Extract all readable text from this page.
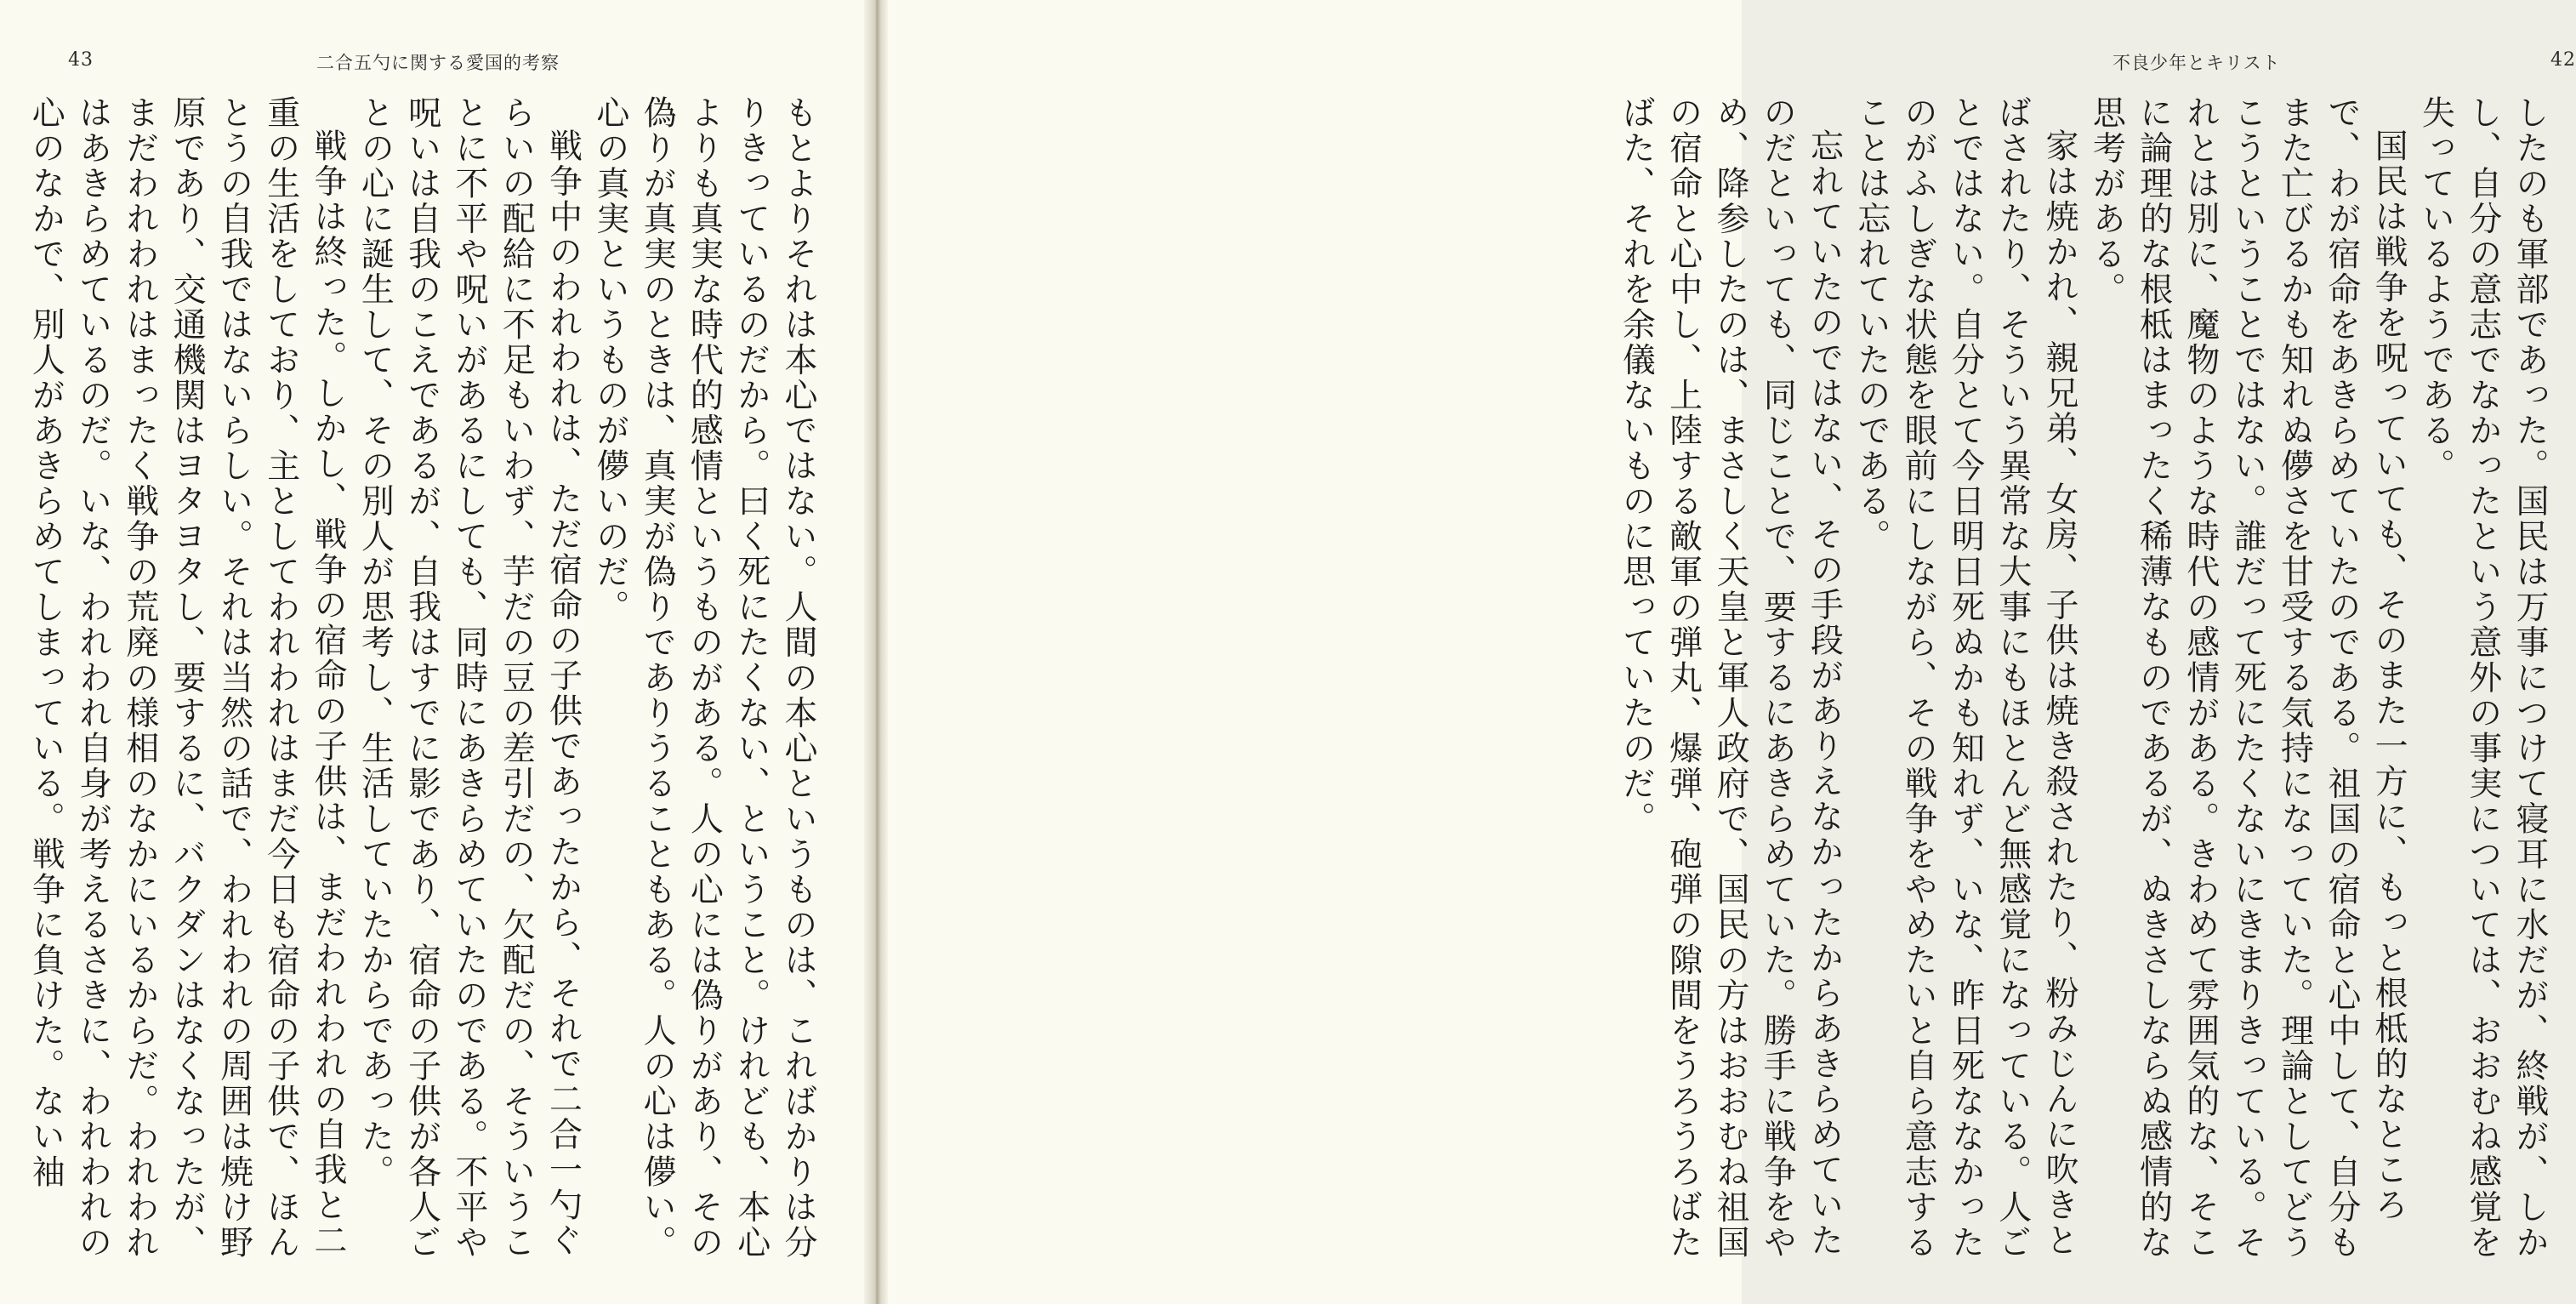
43	二合五勺に関する愛国的考察

もとよりそれは本心ではない。人間の本心というものは、こればかりは分りきっているのだから。曰く死にたくない、ということ。けれども、本心よりも真実な時代的感情というものがある。人の心には偽りがあり、その偽りが真実のときは、真実が偽りでありうることもある。人の心は儚い。心の真実というものが儚いのだ。

戦争中のわれわれは、ただ宿命の子供であったから、それで二合一勺ぐらいの配給に不足もいわず、芋だの豆の差引だの、欠配だの、そういうことに不平や呪いがあるにしても、同時にあきらめていたのである。不平や呪いは自我のこえであるが、自我はすでに影であり、宿命の子供が各人ごとの心に誕生して、その別人が思考し、生活していたからであった。

戦争は終った。しかし、戦争の宿命の子供は、まだわれわれの自我と二重の生活をしており、主としてわれわれはまだ今日も宿命の子供で、ほんとうの自我ではないらしい。それは当然の話で、われわれの周囲は焼け野原であり、交通機関はヨタヨタし、要するに、バクダンはなくなったが、まだわれわれはまったく戦争の荒廃の様相のなかにいるからだ。われわれはあきらめているのだ。いな、われわれ自身が考えるさきに、われわれの心のなかで、別人があきらめてしまっている。戦争に負けた。ない袖

不良少年とキリスト	42

したのも軍部であった。国民は万事につけて寝耳に水だが、終戦が、しかし、自分の意志でなかったという意外の事実については、おおむね感覚を失っているようである。

国民は戦争を呪っていても、そのまた一方に、もっと根柢的なところで、わが宿命をあきらめていたのである。祖国の宿命と心中して、自分もまた亡びるかも知れぬ儚さを甘受する気持になっていた。理論としてどうこうということではない。誰だって死にたくないにきまりきっている。それとは別に、魔物のような時代の感情がある。きわめて雰囲気的な、そこに論理的な根柢はまったく稀薄なものであるが、ぬきさしならぬ感情的な思考がある。

家は焼かれ、親兄弟、女房、子供は焼き殺されたり、粉みじんに吹きとばされたり、そういう異常な大事にもほとんど無感覚になっている。人ごとではない。自分とて今日明日死ぬかも知れず、いな、昨日死ななかったのがふしぎな状態を眼前にしながら、その戦争をやめたいと自ら意志することは忘れていたのである。

忘れていたのではない、その手段がありえなかったからあきらめていたのだといっても、同じことで、要するにあきらめていた。勝手に戦争をやめ、降参したのは、まさしく天皇と軍人政府で、国民の方はおおむね祖国の宿命と心中し、上陸する敵軍の弾丸、爆弾、砲弾の隙間をうろうろばたばた、それを余儀ないものに思っていたのだ。
